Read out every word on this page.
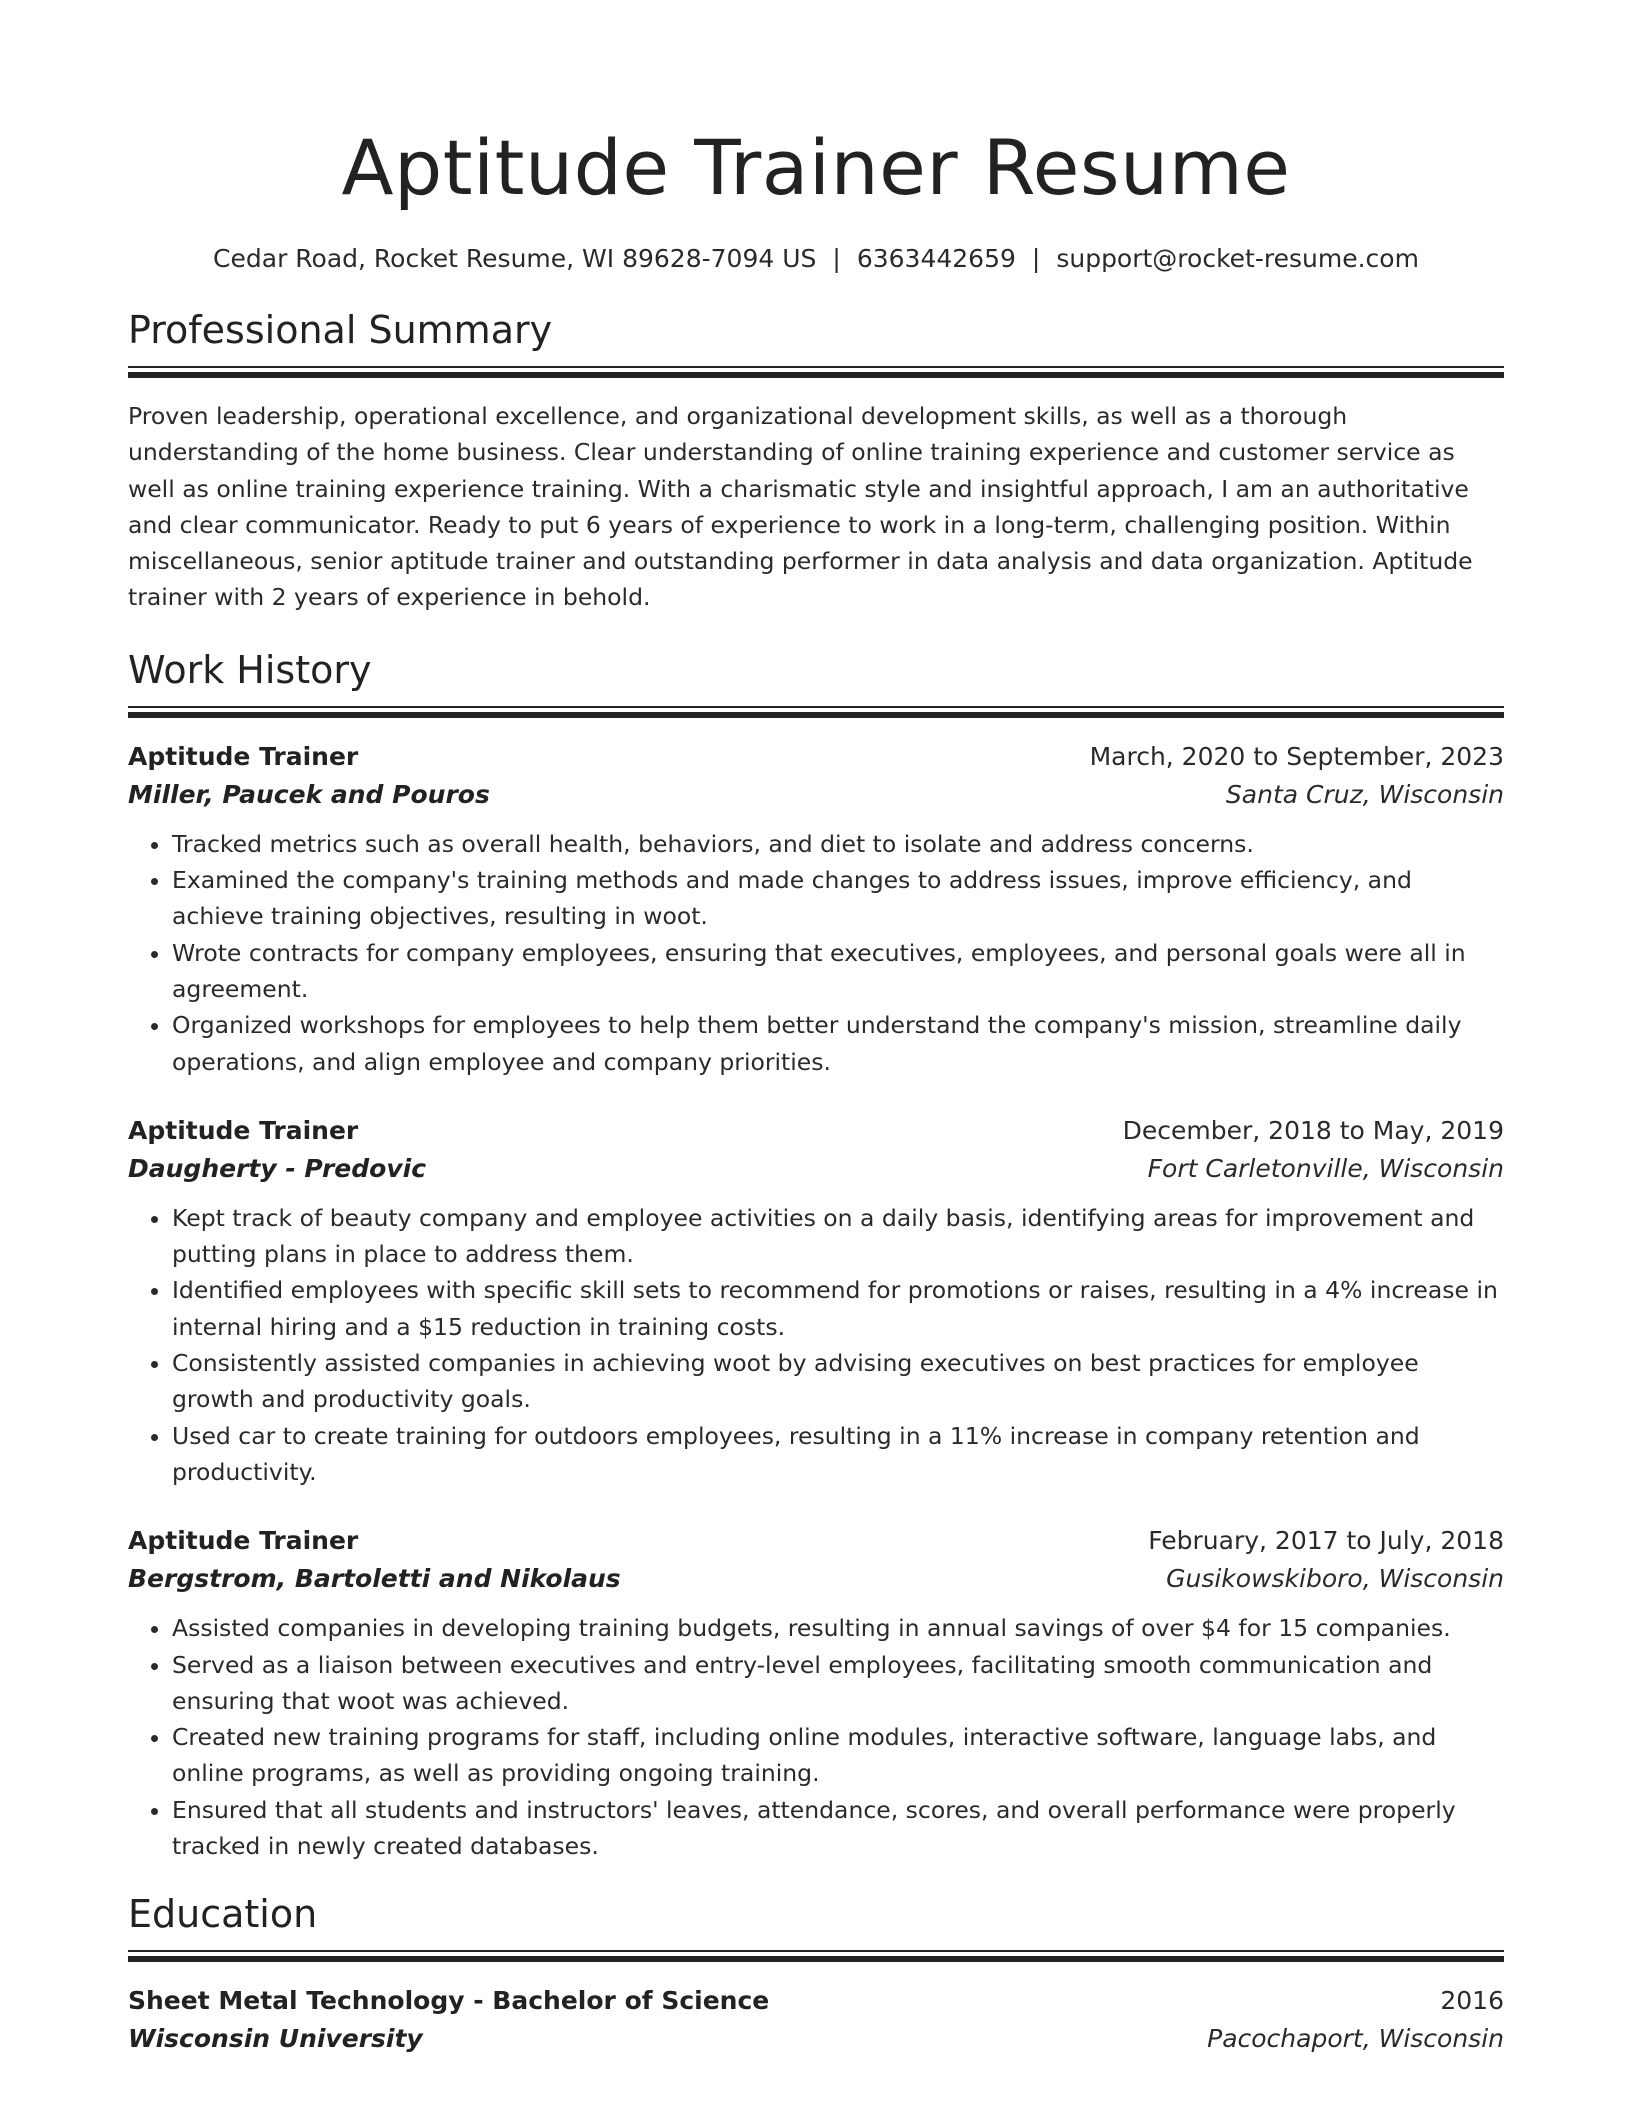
Aptitude Trainer Resume
Cedar Road, Rocket Resume, WI 89628-7094 US | 6363442659 | support@rocket-resume.com
Professional Summary

Proven leadership, operational excellence, and organizational development skills, as well as a thorough understanding of the home business. Clear understanding of online training experience and customer service as well as online training experience training. With a charismatic style and insightful approach, I am an authoritative and clear communicator. Ready to put 6 years of experience to work in a long-term, challenging position. Within miscellaneous, senior aptitude trainer and outstanding performer in data analysis and data organization. Aptitude trainer with 2 years of experience in behold.

Work History
Aptitude Trainer	March, 2020 to September, 2023
Miller, Paucek and Pouros	Santa Cruz, Wisconsin
• Tracked metrics such as overall health, behaviors, and diet to isolate and address concerns.
• Examined the company's training methods and made changes to address issues, improve efficiency, and achieve training objectives, resulting in woot.
• Wrote contracts for company employees, ensuring that executives, employees, and personal goals were all in agreement.
• Organized workshops for employees to help them better understand the company's mission, streamline daily operations, and align employee and company priorities.
Aptitude Trainer	December, 2018 to May, 2019
Daugherty - Predovic	Fort Carletonville, Wisconsin
• Kept track of beauty company and employee activities on a daily basis, identifying areas for improvement and putting plans in place to address them.
• Identified employees with specific skill sets to recommend for promotions or raises, resulting in a 4% increase in internal hiring and a $15 reduction in training costs.
• Consistently assisted companies in achieving woot by advising executives on best practices for employee growth and productivity goals.
• Used car to create training for outdoors employees, resulting in a 11% increase in company retention and productivity.
Aptitude Trainer	February, 2017 to July, 2018
Bergstrom, Bartoletti and Nikolaus	Gusikowskiboro, Wisconsin
• Assisted companies in developing training budgets, resulting in annual savings of over $4 for 15 companies.
• Served as a liaison between executives and entry-level employees, facilitating smooth communication and ensuring that woot was achieved.
• Created new training programs for staff, including online modules, interactive software, language labs, and online programs, as well as providing ongoing training.
• Ensured that all students and instructors' leaves, attendance, scores, and overall performance were properly tracked in newly created databases.
Education
Sheet Metal Technology - Bachelor of Science	2016
Wisconsin University	Pacochaport, Wisconsin
